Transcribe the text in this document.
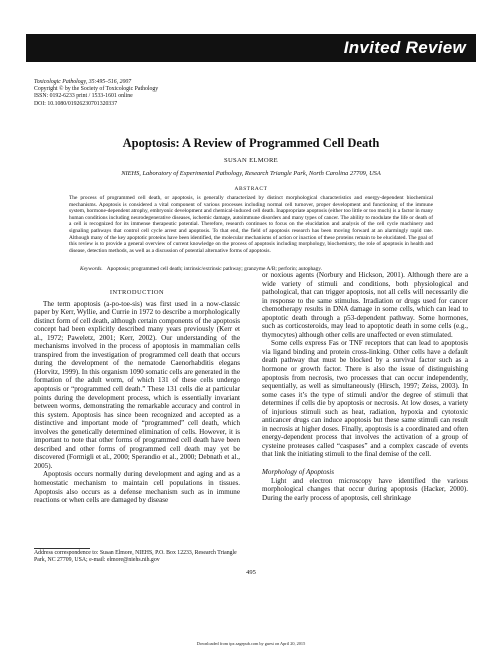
Invited Review
Toxicologic Pathology, 35:495–516, 2007
Copyright © by the Society of Toxicologic Pathology
ISSN: 0192-6233 print / 1533-1601 online
DOI: 10.1080/01926230701320337
Apoptosis: A Review of Programmed Cell Death
SUSAN ELMORE
NIEHS, Laboratory of Experimental Pathology, Research Triangle Park, North Carolina 27709, USA
ABSTRACT
The process of programmed cell death, or apoptosis, is generally characterized by distinct morphological characteristics and energy-dependent biochemical mechanisms. Apoptosis is considered a vital component of various processes including normal cell turnover, proper development and functioning of the immune system, hormone-dependent atrophy, embryonic development and chemical-induced cell death. Inappropriate apoptosis (either too little or too much) is a factor in many human conditions including neurodegenerative diseases, ischemic damage, autoimmune disorders and many types of cancer. The ability to modulate the life or death of a cell is recognized for its immense therapeutic potential. Therefore, research continues to focus on the elucidation and analysis of the cell cycle machinery and signaling pathways that control cell cycle arrest and apoptosis. To that end, the field of apoptosis research has been moving forward at an alarmingly rapid rate. Although many of the key apoptotic proteins have been identified, the molecular mechanisms of action or inaction of these proteins remain to be elucidated. The goal of this review is to provide a general overview of current knowledge on the process of apoptosis including morphology, biochemistry, the role of apoptosis in health and disease, detection methods, as well as a discussion of potential alternative forms of apoptosis.
Keywords. Apoptosis; programmed cell death; intrinsic/extrinsic pathway; granzyme A/B; perforin; autophagy.
INTRODUCTION

The term apoptosis (a-po-toe-sis) was first used in a now-classic paper by Kerr, Wyllie, and Currie in 1972 to describe a morphologically distinct form of cell death, although certain components of the apoptosis concept had been explicitly described many years previously (Kerr et al., 1972; Paweletz, 2001; Kerr, 2002). Our understanding of the mechanisms involved in the process of apoptosis in mammalian cells transpired from the investigation of programmed cell death that occurs during the development of the nematode Caenorhabditis elegans (Horvitz, 1999). In this organism 1090 somatic cells are generated in the formation of the adult worm, of which 131 of these cells undergo apoptosis or “programmed cell death.” These 131 cells die at particular points during the development process, which is essentially invariant between worms, demonstrating the remarkable accuracy and control in this system. Apoptosis has since been recognized and accepted as a distinctive and important mode of “programmed” cell death, which involves the genetically determined elimination of cells. However, it is important to note that other forms of programmed cell death have been described and other forms of programmed cell death may yet be discovered (Formigli et al., 2000; Sperandio et al., 2000; Debnath et al., 2005).

Apoptosis occurs normally during development and aging and as a homeostatic mechanism to maintain cell populations in tissues. Apoptosis also occurs as a defense mechanism such as in immune reactions or when cells are damaged by disease

or noxious agents (Norbury and Hickson, 2001). Although there are a wide variety of stimuli and conditions, both physiological and pathological, that can trigger apoptosis, not all cells will necessarily die in response to the same stimulus. Irradiation or drugs used for cancer chemotherapy results in DNA damage in some cells, which can lead to apoptotic death through a p53-dependent pathway. Some hormones, such as corticosteroids, may lead to apoptotic death in some cells (e.g., thymocytes) although other cells are unaffected or even stimulated.

Some cells express Fas or TNF receptors that can lead to apoptosis via ligand binding and protein cross-linking. Other cells have a default death pathway that must be blocked by a survival factor such as a hormone or growth factor. There is also the issue of distinguishing apoptosis from necrosis, two processes that can occur independently, sequentially, as well as simultaneously (Hirsch, 1997; Zeiss, 2003). In some cases it’s the type of stimuli and/or the degree of stimuli that determines if cells die by apoptosis or necrosis. At low doses, a variety of injurious stimuli such as heat, radiation, hypoxia and cytotoxic anticancer drugs can induce apoptosis but these same stimuli can result in necrosis at higher doses. Finally, apoptosis is a coordinated and often energy-dependent process that involves the activation of a group of cysteine proteases called “caspases” and a complex cascade of events that link the initiating stimuli to the final demise of the cell.

Morphology of Apoptosis

Light and electron microscopy have identified the various morphological changes that occur during apoptosis (Hacker, 2000). During the early process of apoptosis, cell shrinkage

Address correspondence to: Susan Elmore, NIEHS, P.O. Box 12233, Research Triangle Park, NC 27709, USA; e-mail: elmore@niehs.nih.gov
495
Downloaded from tpx.sagepub.com by guest on April 20, 2015
